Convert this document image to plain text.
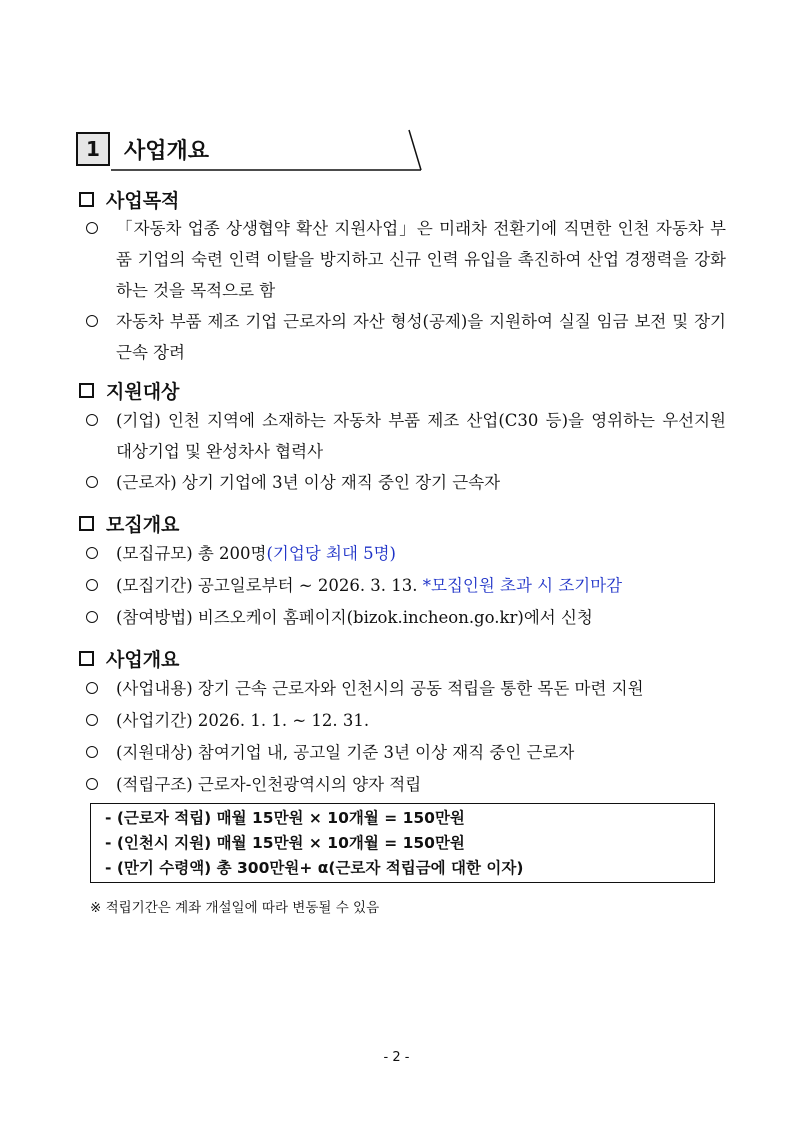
1	사업개요
사업목적
「자동차 업종 상생협약 확산 지원사업」은 미래차 전환기에 직면한 인천 자동차 부품 기업의 숙련 인력 이탈을 방지하고 신규 인력 유입을 촉진하여 산업 경쟁력을 강화하는 것을 목적으로 함
자동차 부품 제조 기업 근로자의 자산 형성(공제)을 지원하여 실질 임금 보전 및 장기근속 장려
지원대상
(기업) 인천 지역에 소재하는 자동차 부품 제조 산업(C30 등)을 영위하는 우선지원 대상기업 및 완성차사 협력사
(근로자) 상기 기업에 3년 이상 재직 중인 장기 근속자
모집개요
(모집규모) 총 200명(기업당 최대 5명)
(모집기간) 공고일로부터 ~ 2026. 3. 13. *모집인원 초과 시 조기마감
(참여방법) 비즈오케이 홈페이지(bizok.incheon.go.kr)에서 신청
사업개요
(사업내용) 장기 근속 근로자와 인천시의 공동 적립을 통한 목돈 마련 지원
(사업기간) 2026. 1. 1. ~ 12. 31.
(지원대상) 참여기업 내, 공고일 기준 3년 이상 재직 중인 근로자
(적립구조) 근로자-인천광역시의 양자 적립
- (근로자 적립) 매월 15만원 × 10개월 = 150만원
- (인천시 지원) 매월 15만원 × 10개월 = 150만원
- (만기 수령액) 총 300만원+ α(근로자 적립금에 대한 이자)
※ 적립기간은 계좌 개설일에 따라 변동될 수 있음
- 2 -
